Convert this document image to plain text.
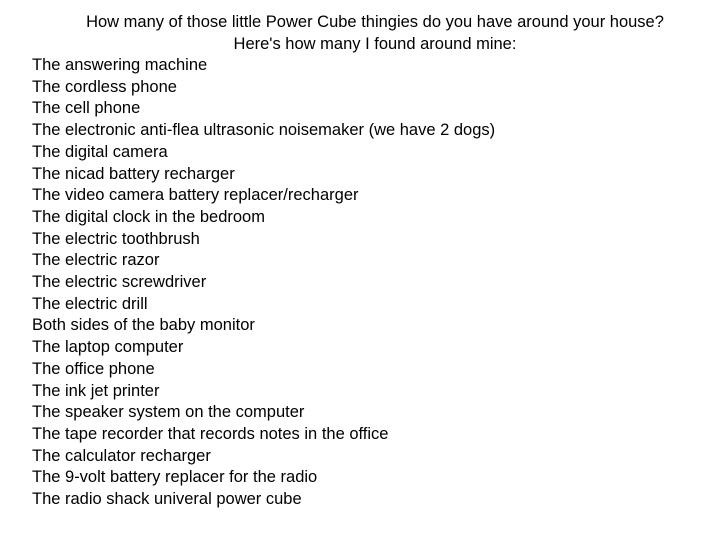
How many of those little Power Cube thingies do you have around your house?
Here's how many I found around mine:
The answering machine
The cordless phone
The cell phone
The electronic anti-flea ultrasonic noisemaker (we have 2 dogs)
The digital camera
The nicad battery recharger
The video camera battery replacer/recharger
The digital clock in the bedroom
The electric toothbrush
The electric razor
The electric screwdriver
The electric drill
Both sides of the baby monitor
The laptop computer
The office phone
The ink jet printer
The speaker system on the computer
The tape recorder that records notes in the office
The calculator recharger
The 9-volt battery replacer for the radio
The radio shack univeral power cube
